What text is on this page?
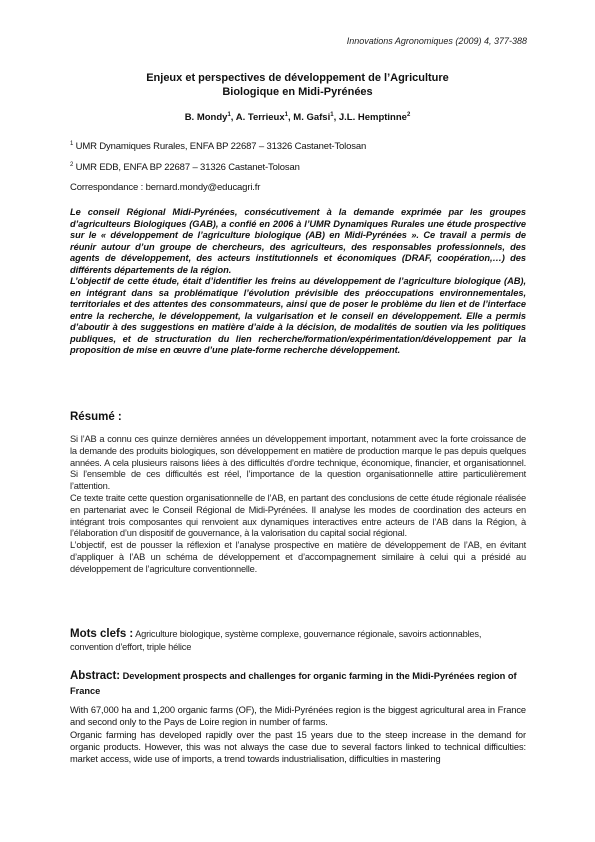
Innovations Agronomiques (2009) 4, 377-388
Enjeux et perspectives de développement de l’Agriculture
Biologique en Midi-Pyrénées
B. Mondy$^1$, A. Terrieux$^1$, M. Gafsi$^1$, J.L. Hemptinne$^2$
$^1$ UMR Dynamiques Rurales, ENFA BP 22687 – 31326 Castanet-Tolosan
$^2$ UMR EDB, ENFA BP 22687 – 31326 Castanet-Tolosan
Correspondance : bernard.mondy@educagri.fr

Le conseil Régional Midi-Pyrénées, consécutivement à la demande exprimée par les groupes d’agriculteurs Biologiques (GAB), a confié en 2006 à l’UMR Dynamiques Rurales une étude prospective sur le « développement de l’agriculture biologique (AB) en Midi-Pyrénées ». Ce travail a permis de réunir autour d’un groupe de chercheurs, des agriculteurs, des responsables professionnels, des agents de développement, des acteurs institutionnels et économiques (DRAF, coopération,…) des différents départements de la région.

L’objectif de cette étude, était d’identifier les freins au développement de l’agriculture biologique (AB), en intégrant dans sa problématique l’évolution prévisible des préoccupations environnementales, territoriales et des attentes des consommateurs, ainsi que de poser le problème du lien et de l’interface entre la recherche, le développement, la vulgarisation et le conseil en développement. Elle a permis d’aboutir à des suggestions en matière d’aide à la décision, de modalités de soutien via les politiques publiques, et de structuration du lien recherche/formation/expérimentation/développement par la proposition de mise en œuvre d’une plate-forme recherche développement.

Résumé :

Si l’AB a connu ces quinze dernières années un développement important, notamment avec la forte croissance de la demande des produits biologiques, son développement en matière de production marque le pas depuis quelques années. A cela plusieurs raisons liées à des difficultés d’ordre technique, économique, financier, et organisationnel. Si l’ensemble de ces difficultés est réel, l’importance de la question organisationnelle attire particulièrement l’attention.

Ce texte traite cette question organisationnelle de l’AB, en partant des conclusions de cette étude régionale réalisée en partenariat avec le Conseil Régional de Midi-Pyrénées. Il analyse les modes de coordination des acteurs en intégrant trois composantes qui renvoient aux dynamiques interactives entre acteurs de l’AB dans la Région, à l’élaboration d’un dispositif de gouvernance, à la valorisation du capital social régional.

L’objectif, est de pousser la réflexion et l’analyse prospective en matière de développement de l’AB, en évitant d’appliquer à l’AB un schéma de développement et d’accompagnement similaire à celui qui a présidé au développement de l’agriculture conventionnelle.

Mots clefs : Agriculture biologique, système complexe, gouvernance régionale, savoirs actionnables, convention d’effort, triple hélice
Abstract: Development prospects and challenges for organic farming in the Midi-Pyrénées region of France

With 67,000 ha and 1,200 organic farms (OF), the Midi-Pyrénées region is the biggest agricultural area in France and second only to the Pays de Loire region in number of farms.

Organic farming has developed rapidly over the past 15 years due to the steep increase in the demand for organic products. However, this was not always the case due to several factors linked to technical difficulties: market access, wide use of imports, a trend towards industrialisation, difficulties in mastering
